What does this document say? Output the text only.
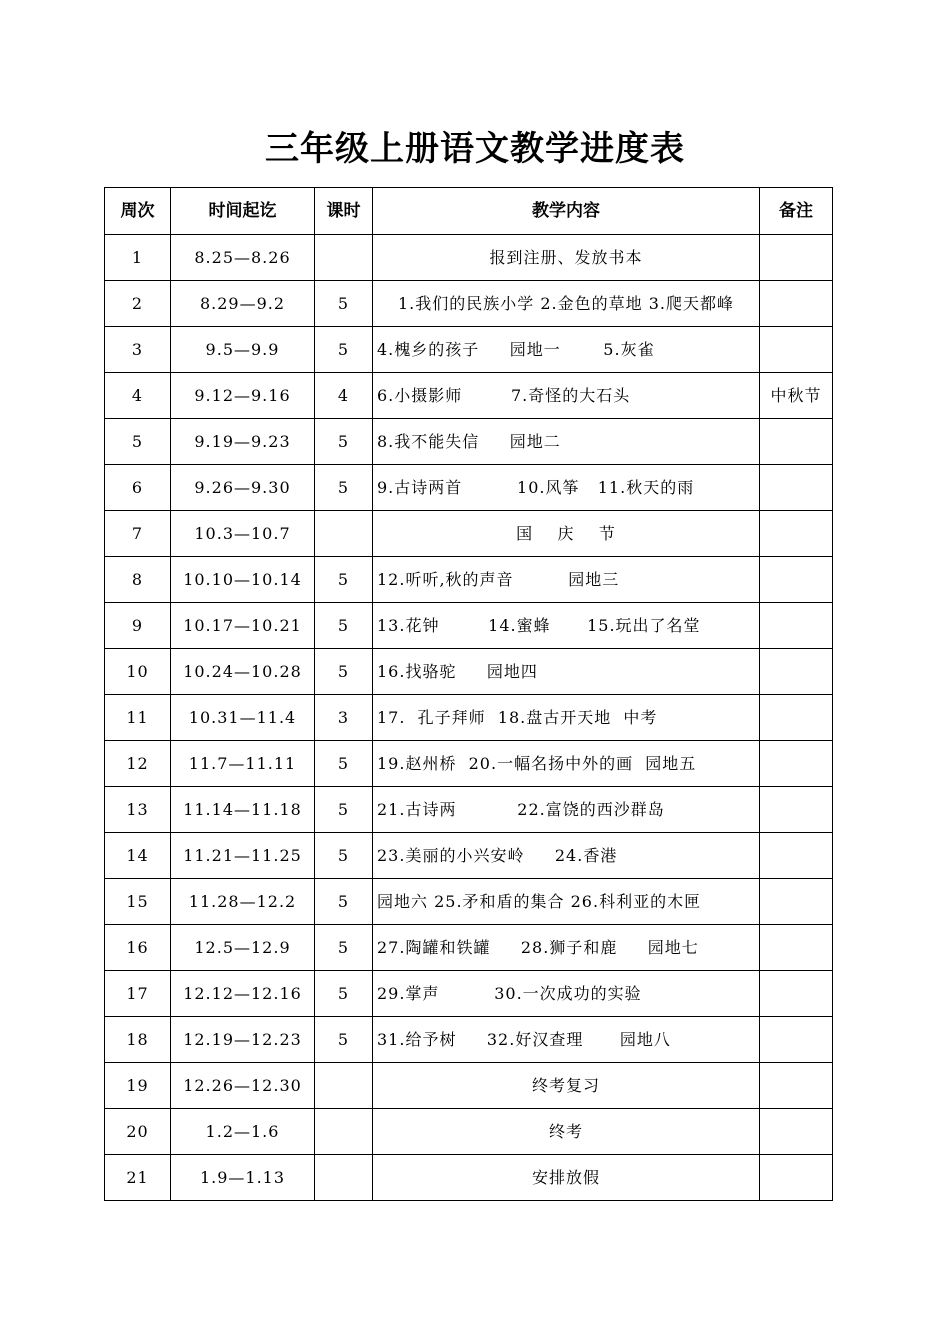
三年级上册语文教学进度表
周次	时间起讫	课时	教学内容	备注
1	8.25—8.26		报到注册、发放书本	
2	8.29—9.2	5	1.我们的民族小学 2.金色的草地 3.爬天都峰	
3	9.5—9.9	5	4.槐乡的孩子     园地一       5.灰雀	
4	9.12—9.16	4	6.小摄影师        7.奇怪的大石头	中秋节
5	9.19—9.23	5	8.我不能失信     园地二	
6	9.26—9.30	5	9.古诗两首         10.风筝   11.秋天的雨	
7	10.3—10.7		国    庆    节	
8	10.10—10.14	5	12.听听,秋的声音         园地三	
9	10.17—10.21	5	13.花钟        14.蜜蜂      15.玩出了名堂	
10	10.24—10.28	5	16.找骆驼     园地四	
11	10.31—11.4	3	17.  孔子拜师  18.盘古开天地  中考	
12	11.7—11.11	5	19.赵州桥  20.一幅名扬中外的画  园地五	
13	11.14—11.18	5	21.古诗两          22.富饶的西沙群岛	
14	11.21—11.25	5	23.美丽的小兴安岭     24.香港	
15	11.28—12.2	5	园地六 25.矛和盾的集合 26.科利亚的木匣	
16	12.5—12.9	5	27.陶罐和铁罐     28.狮子和鹿     园地七	
17	12.12—12.16	5	29.掌声         30.一次成功的实验	
18	12.19—12.23	5	31.给予树     32.好汉查理      园地八	
19	12.26—12.30		终考复习	
20	1.2—1.6		终考	
21	1.9—1.13		安排放假	
